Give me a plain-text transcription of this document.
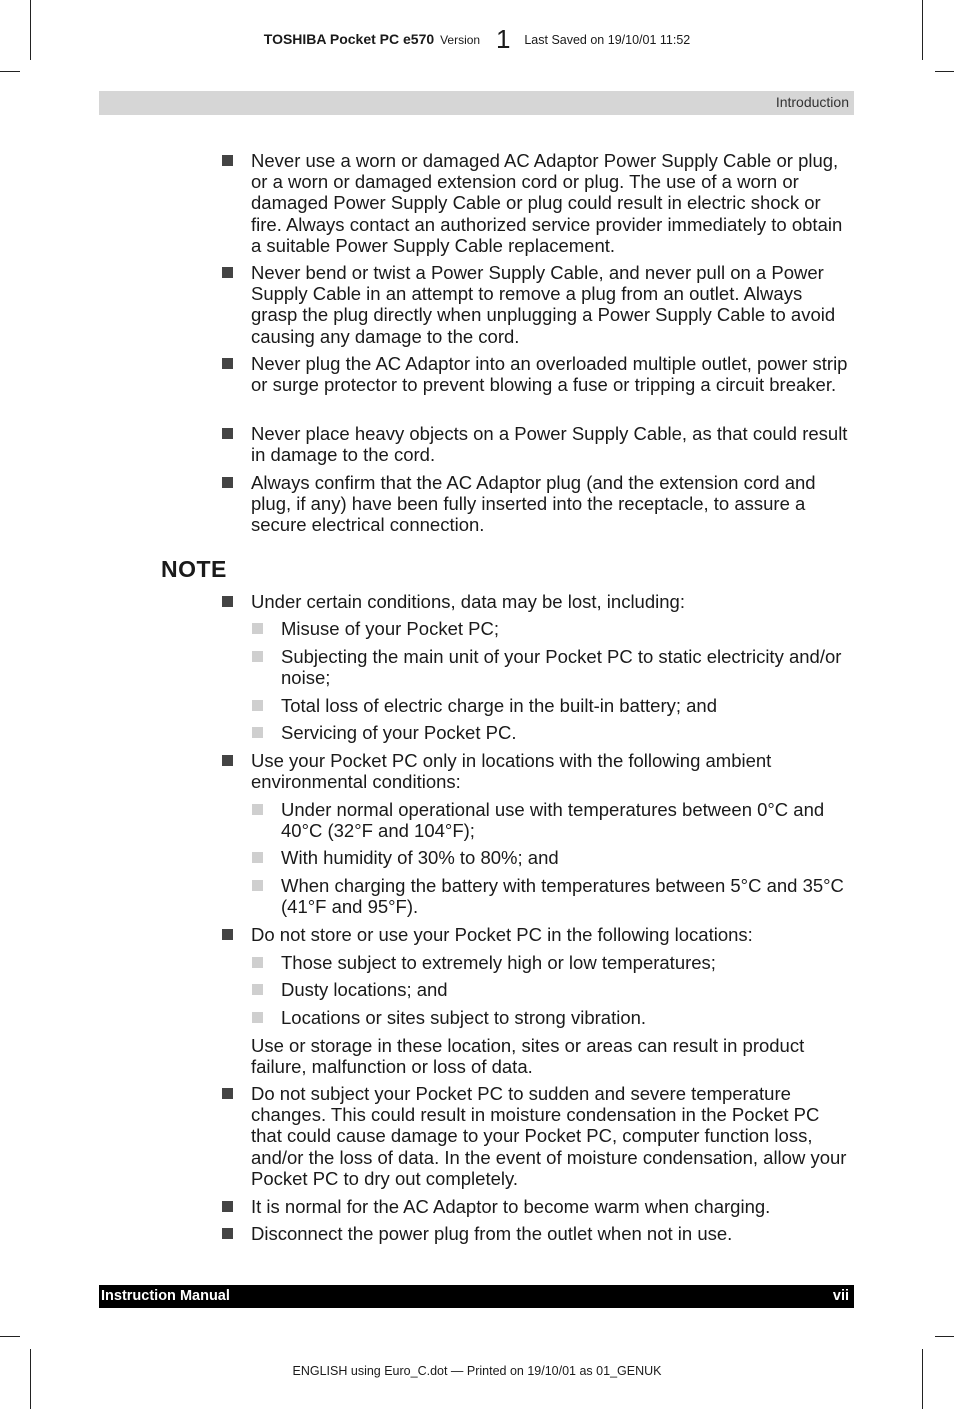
TOSHIBA Pocket PC e570 Version 1 Last Saved on 19/10/01 11:52
Introduction
Never use a worn or damaged AC Adaptor Power Supply Cable or plug, or a worn or damaged extension cord or plug. The use of a worn or damaged Power Supply Cable or plug could result in electric shock or fire. Always contact an authorized service provider immediately to obtain a suitable Power Supply Cable replacement.
Never bend or twist a Power Supply Cable, and never pull on a Power Supply Cable in an attempt to remove a plug from an outlet. Always grasp the plug directly when unplugging a Power Supply Cable to avoid causing any damage to the cord.
Never plug the AC Adaptor into an overloaded multiple outlet, power strip or surge protector to prevent blowing a fuse or tripping a circuit breaker.
Never place heavy objects on a Power Supply Cable, as that could result in damage to the cord.
Always confirm that the AC Adaptor plug (and the extension cord and plug, if any) have been fully inserted into the receptacle, to assure a secure electrical connection.
NOTE
Under certain conditions, data may be lost, including:
Misuse of your Pocket PC;
Subjecting the main unit of your Pocket PC to static electricity and/or noise;
Total loss of electric charge in the built-in battery; and
Servicing of your Pocket PC.
Use your Pocket PC only in locations with the following ambient environmental conditions:
Under normal operational use with temperatures between 0°C and 40°C (32°F and 104°F);
With humidity of 30% to 80%; and
When charging the battery with temperatures between 5°C and 35°C (41°F and 95°F).
Do not store or use your Pocket PC in the following locations:
Those subject to extremely high or low temperatures;
Dusty locations; and
Locations or sites subject to strong vibration.
Use or storage in these location, sites or areas can result in product failure, malfunction or loss of data.
Do not subject your Pocket PC to sudden and severe temperature changes. This could result in moisture condensation in the Pocket PC that could cause damage to your Pocket PC, computer function loss, and/or the loss of data. In the event of moisture condensation, allow your Pocket PC to dry out completely.
It is normal for the AC Adaptor to become warm when charging.
Disconnect the power plug from the outlet when not in use.
Instruction Manual	vii
ENGLISH using Euro_C.dot — Printed on 19/10/01 as 01_GENUK
